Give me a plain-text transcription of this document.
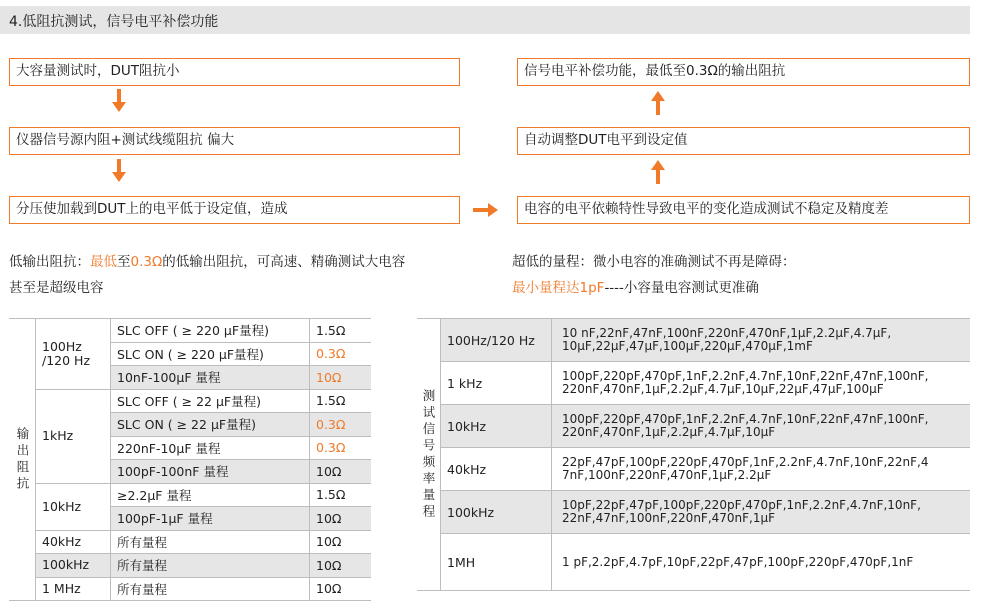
4.低阻抗测试，信号电平补偿功能
大容量测试时，DUT阻抗小
仪器信号源内阻+测试线缆阻抗 偏大
分压使加载到DUT上的电平低于设定值，造成
信号电平补偿功能，最低至0.3Ω的输出阻抗
自动调整DUT电平到设定值
电容的电平依赖特性导致电平的变化造成测试不稳定及精度差
低输出阻抗：最低至0.3Ω的低输出阻抗，可高速、精确测试大电容
甚至是超级电容
超低的量程：微小电容的准确测试不再是障碍：
最小量程达1pF----小容量电容测试更准确
输出阻抗	100Hz
/120 Hz	SLC OFF ( ≥ 220 μF量程)	1.5Ω
		SLC ON ( ≥ 220 μF量程)	0.3Ω
		10nF-100μF 量程	10Ω
	1kHz	SLC OFF ( ≥ 22 μF量程)	1.5Ω
		SLC ON ( ≥ 22 μF量程)	0.3Ω
		220nF-10μF 量程	0.3Ω
		100pF-100nF 量程	10Ω
	10kHz	≥2.2μF 量程	1.5Ω
		100pF-1μF 量程	10Ω
	40kHz	所有量程	10Ω
	100kHz	所有量程	10Ω
	1 MHz	所有量程	10Ω
测试信号频率量程	100Hz/120 Hz	10 nF,22nF,47nF,100nF,220nF,470nF,1μF,2.2μF,4.7μF,
10μF,22μF,47μF,100μF,220μF,470μF,1mF
	1 kHz	100pF,220pF,470pF,1nF,2.2nF,4.7nF,10nF,22nF,47nF,100nF,
220nF,470nF,1μF,2.2μF,4.7μF,10μF,22μF,47μF,100μF
	10kHz	100pF,220pF,470pF,1nF,2.2nF,4.7nF,10nF,22nF,47nF,100nF,
220nF,470nF,1μF,2.2μF,4.7μF,10μF
	40kHz	22pF,47pF,100pF,220pF,470pF,1nF,2.2nF,4.7nF,10nF,22nF,4
7nF,100nF,220nF,470nF,1μF,2.2μF
	100kHz	10pF,22pF,47pF,100pF,220pF,470pF,1nF,2.2nF,4.7nF,10nF,
22nF,47nF,100nF,220nF,470nF,1μF
	1MH	1 pF,2.2pF,4.7pF,10pF,22pF,47pF,100pF,220pF,470pF,1nF
